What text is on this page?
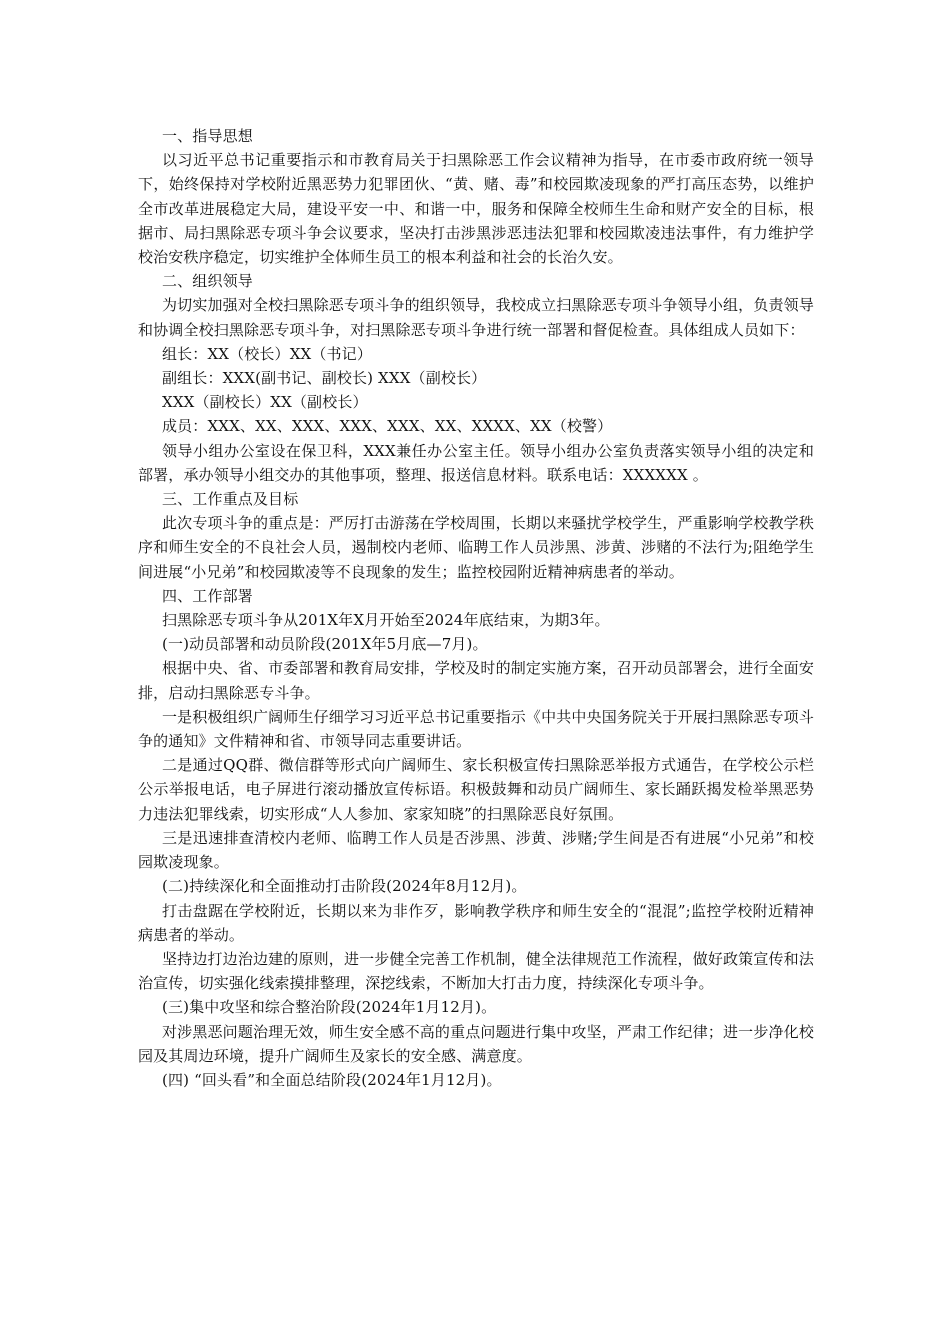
一、指导思想

以习近平总书记重要指示和市教育局关于扫黑除恶工作会议精神为指导，在市委市政府统一领导下，始终保持对学校附近黑恶势力犯罪团伙、“黄、赌、毒”和校园欺凌现象的严打高压态势，以维护全市改革进展稳定大局，建设平安一中、和谐一中，服务和保障全校师生生命和财产安全的目标，根据市、局扫黑除恶专项斗争会议要求，坚决打击涉黑涉恶违法犯罪和校园欺凌违法事件，有力维护学校治安秩序稳定，切实维护全体师生员工的根本利益和社会的长治久安。

二、组织领导

为切实加强对全校扫黑除恶专项斗争的组织领导，我校成立扫黑除恶专项斗争领导小组，负责领导和协调全校扫黑除恶专项斗争，对扫黑除恶专项斗争进行统一部署和督促检查。具体组成人员如下：

组长：XX（校长）XX（书记）

副组长：XXX(副书记、副校长) XXX（副校长）

XXX（副校长）XX（副校长）

成员：XXX、XX、XXX、XXX、XXX、XX、XXXX、XX（校警）

领导小组办公室设在保卫科，XXX兼任办公室主任。领导小组办公室负责落实领导小组的决定和部署，承办领导小组交办的其他事项，整理、报送信息材料。联系电话：XXXXXX 。

三、工作重点及目标

此次专项斗争的重点是：严厉打击游荡在学校周围，长期以来骚扰学校学生，严重影响学校教学秩序和师生安全的不良社会人员，遏制校内老师、临聘工作人员涉黑、涉黄、涉赌的不法行为;阻绝学生间进展“小兄弟”和校园欺凌等不良现象的发生；监控校园附近精神病患者的举动。

四、工作部署

扫黑除恶专项斗争从201X年X月开始至2024年底结束，为期3年。

(一)动员部署和动员阶段(201X年5月底—7月)。

根据中央、省、市委部署和教育局安排，学校及时的制定实施方案，召开动员部署会，进行全面安排，启动扫黑除恶专斗争。

一是积极组织广阔师生仔细学习习近平总书记重要指示《中共中央国务院关于开展扫黑除恶专项斗争的通知》文件精神和省、市领导同志重要讲话。

二是通过QQ群、微信群等形式向广阔师生、家长积极宣传扫黑除恶举报方式通告，在学校公示栏公示举报电话，电子屏进行滚动播放宣传标语。积极鼓舞和动员广阔师生、家长踊跃揭发检举黑恶势力违法犯罪线索，切实形成“人人参加、家家知晓”的扫黑除恶良好氛围。

三是迅速排查清校内老师、临聘工作人员是否涉黑、涉黄、涉赌;学生间是否有进展“小兄弟”和校园欺凌现象。

(二)持续深化和全面推动打击阶段(2024年8月12月)。

打击盘踞在学校附近，长期以来为非作歹，影响教学秩序和师生安全的“混混”;监控学校附近精神病患者的举动。

坚持边打边治边建的原则，进一步健全完善工作机制，健全法律规范工作流程，做好政策宣传和法治宣传，切实强化线索摸排整理，深挖线索，不断加大打击力度，持续深化专项斗争。

(三)集中攻坚和综合整治阶段(2024年1月12月)。

对涉黑恶问题治理无效，师生安全感不高的重点问题进行集中攻坚，严肃工作纪律；进一步净化校园及其周边环境，提升广阔师生及家长的安全感、满意度。

(四) “回头看”和全面总结阶段(2024年1月12月)。
